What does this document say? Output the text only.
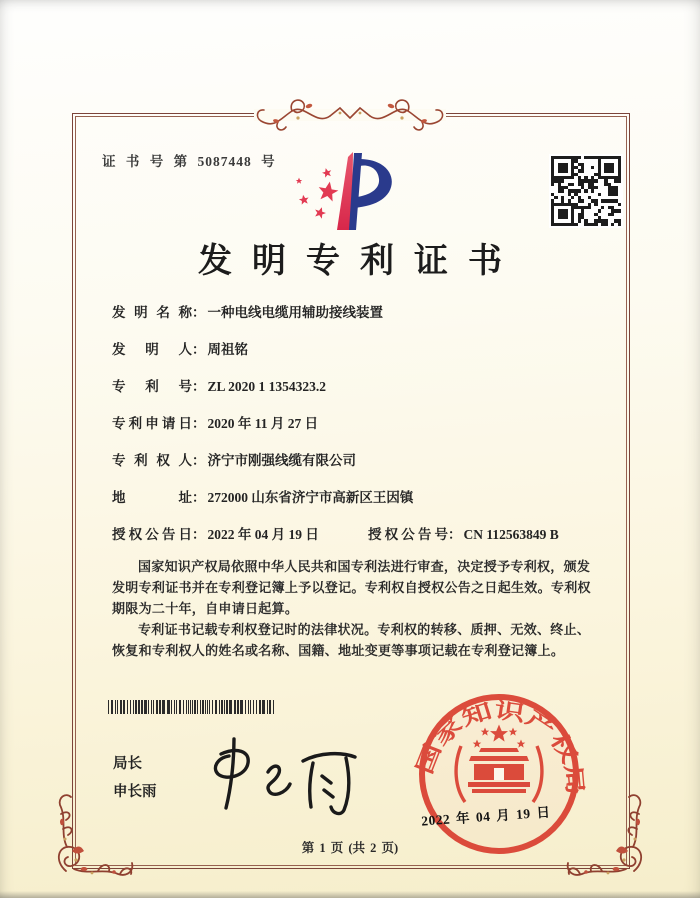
证 书 号 第 5087448 号
发明专利证书
发明名称： 一种电线电缆用辅助接线装置
发明人： 周祖铭
专利号： ZL 2020 1 1354323.2
专利申请日： 2020 年 11 月 27 日
专利权人： 济宁市刚强线缆有限公司
地址： 272000 山东省济宁市高新区王因镇
授权公告日： 2022 年 04 月 19 日	授权公告号： CN 112563849 B

国家知识产权局依照中华人民共和国专利法进行审查，决定授予专利权，颁发发明专利证书并在专利登记簿上予以登记。专利权自授权公告之日起生效。专利权期限为二十年，自申请日起算。

专利证书记载专利权登记时的法律状况。专利权的转移、质押、无效、终止、恢复和专利权人的姓名或名称、国籍、地址变更等事项记载在专利登记簿上。

局长
申长雨
国家知识产权局
2022 年 04 月 19 日
第 1 页 (共 2 页)
